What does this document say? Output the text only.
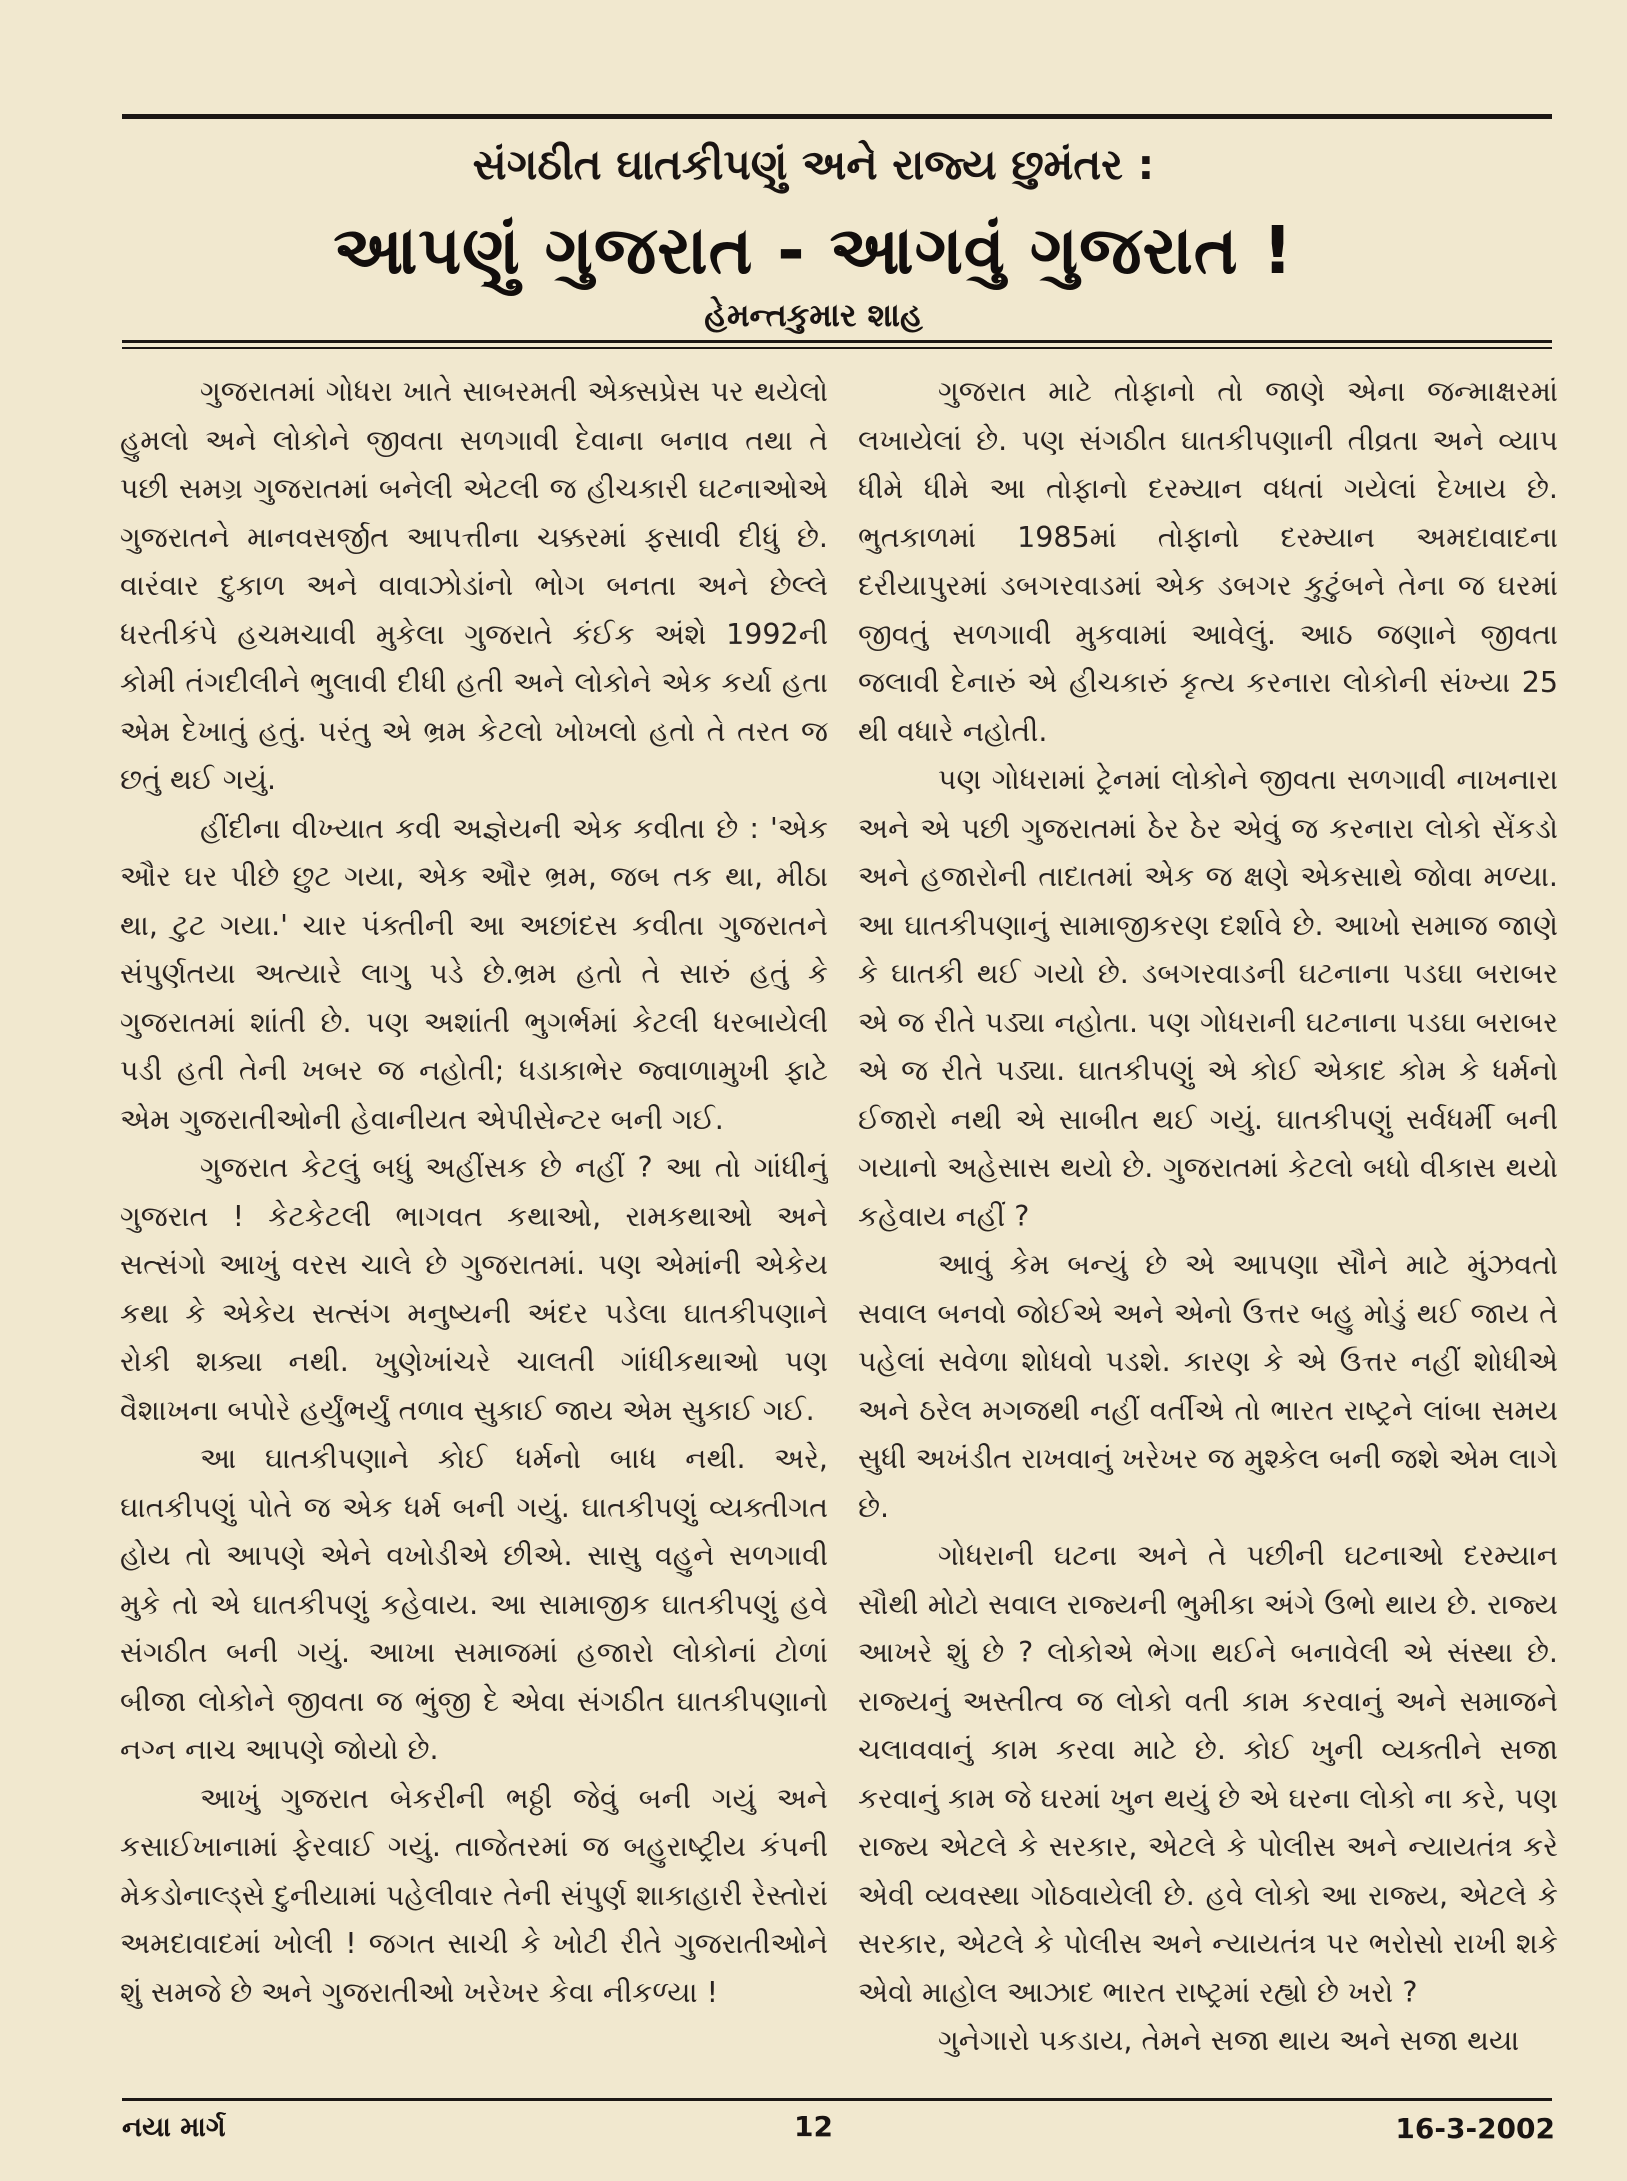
સંગઠીત ઘાતકીપણું અને રાજ્ય છુમંતર :
આપણું ગુજરાત - આગવું ગુજરાત !
હેમન્તકુમાર શાહ

ગુજરાતમાં ગોધરા ખાતે સાબરમતી એક્સપ્રેસ પર થયેલો હુમલો અને લોકોને જીવતા સળગાવી દેવાના બનાવ તથા તે પછી સમગ્ર ગુજરાતમાં બનેલી એટલી જ હીચકારી ઘટનાઓએ ગુજરાતને માનવસર્જીત આપત્તીના ચક્કરમાં ફસાવી દીધું છે. વારંવાર દુકાળ અને વાવાઝોડાંનો ભોગ બનતા અને છેલ્લે ધરતીકંપે હચમચાવી મુકેલા ગુજરાતે કંઈક અંશે 1992ની કોમી તંગદીલીને ભુલાવી દીધી હતી અને લોકોને એક કર્યા હતા એમ દેખાતું હતું. પરંતુ એ ભ્રમ કેટલો ખોખલો હતો તે તરત જ છતું થઈ ગયું.

હીંદીના વીખ્યાત કવી અજ્ઞેયની એક કવીતા છે : 'એક ઔર ઘર પીછે છુટ ગયા, એક ઔર ભ્રમ, જબ તક થા, મીઠા થા, ટુટ ગયા.' ચાર પંક્તીની આ અછાંદસ કવીતા ગુજરાતને સંપુર્ણતયા અત્યારે લાગુ પડે છે.ભ્રમ હતો તે સારું હતું કે ગુજરાતમાં શાંતી છે. પણ અશાંતી ભુગર્ભમાં કેટલી ધરબાયેલી પડી હતી તેની ખબર જ નહોતી; ધડાકાભેર જ્વાળામુખી ફાટે એમ ગુજરાતીઓની હેવાનીયત એપીસેન્ટર બની ગઈ.

ગુજરાત કેટલું બધું અહીંસક છે નહીં ? આ તો ગાંધીનું ગુજરાત ! કેટકેટલી ભાગવત કથાઓ, રામકથાઓ અને સત્સંગો આખું વરસ ચાલે છે ગુજરાતમાં. પણ એમાંની એકેય કથા કે એકેય સત્સંગ મનુષ્યની અંદર પડેલા ઘાતકીપણાને રોકી શક્યા નથી. ખુણેખાંચરે ચાલતી ગાંધીકથાઓ પણ વૈશાખના બપોરે હર્યુંભર્યું તળાવ સુકાઈ જાય એમ સુકાઈ ગઈ.

આ ઘાતકીપણાને કોઈ ધર્મનો બાધ નથી. અરે, ઘાતકીપણું પોતે જ એક ધર્મ બની ગયું. ઘાતકીપણું વ્યક્તીગત હોય તો આપણે એને વખોડીએ છીએ. સાસુ વહુને સળગાવી મુકે તો એ ઘાતકીપણું કહેવાય. આ સામાજીક ઘાતકીપણું હવે સંગઠીત બની ગયું. આખા સમાજમાં હજારો લોકોનાં ટોળાં બીજા લોકોને જીવતા જ ભુંજી દે એવા સંગઠીત ઘાતકીપણાનો નગ્ન નાચ આપણે જોયો છે.

આખું ગુજરાત બેકરીની ભઠ્ઠી જેવું બની ગયું અને કસાઈખાનામાં ફેરવાઈ ગયું. તાજેતરમાં જ બહુરાષ્ટ્રીય કંપની મેકડોનાલ્ડ્સે દુનીયામાં પહેલીવાર તેની સંપુર્ણ શાકાહારી રેસ્તોરાં અમદાવાદમાં ખોલી ! જગત સાચી કે ખોટી રીતે ગુજરાતીઓને શું સમજે છે અને ગુજરાતીઓ ખરેખર કેવા નીકળ્યા !

ગુજરાત માટે તોફાનો તો જાણે એના જન્માક્ષરમાં લખાયેલાં છે. પણ સંગઠીત ઘાતકીપણાની તીવ્રતા અને વ્યાપ ધીમે ધીમે આ તોફાનો દરમ્યાન વધતાં ગયેલાં દેખાય છે. ભુતકાળમાં 1985માં તોફાનો દરમ્યાન અમદાવાદના દરીયાપુરમાં ડબગરવાડમાં એક ડબગર કુટુંબને તેના જ ઘરમાં જીવતું સળગાવી મુકવામાં આવેલું. આઠ જણાને જીવતા જલાવી દેનારું એ હીચકારું કૃત્ય કરનારા લોકોની સંખ્યા 25 થી વધારે નહોતી.

પણ ગોધરામાં ટ્રેનમાં લોકોને જીવતા સળગાવી નાખનારા અને એ પછી ગુજરાતમાં ઠેર ઠેર એવું જ કરનારા લોકો સેંકડો અને હજારોની તાદાતમાં એક જ ક્ષણે એકસાથે જોવા મળ્યા. આ ઘાતકીપણાનું સામાજીકરણ દર્શાવે છે. આખો સમાજ જાણે કે ઘાતકી થઈ ગયો છે. ડબગરવાડની ઘટનાના પડઘા બરાબર એ જ રીતે પડ્યા નહોતા. પણ ગોધરાની ઘટનાના પડઘા બરાબર એ જ રીતે પડ્યા. ઘાતકીપણું એ કોઈ એકાદ કોમ કે ધર્મનો ઈજારો નથી એ સાબીત થઈ ગયું. ઘાતકીપણું સર્વધર્મી બની ગયાનો અહેસાસ થયો છે. ગુજરાતમાં કેટલો બધો વીકાસ થયો કહેવાય નહીં ?

આવું કેમ બન્યું છે એ આપણા સૌને માટે મુંઝવતો સવાલ બનવો જોઈએ અને એનો ઉત્તર બહુ મોડું થઈ જાય તે પહેલાં સવેળા શોધવો પડશે. કારણ કે એ ઉત્તર નહીં શોધીએ અને ઠરેલ મગજથી નહીં વર્તીએ તો ભારત રાષ્ટ્રને લાંબા સમય સુધી અખંડીત રાખવાનું ખરેખર જ મુશ્કેલ બની જશે એમ લાગે છે.

ગોધરાની ઘટના અને તે પછીની ઘટનાઓ દરમ્યાન સૌથી મોટો સવાલ રાજ્યની ભુમીકા અંગે ઉભો થાય છે. રાજ્ય આખરે શું છે ? લોકોએ ભેગા થઈને બનાવેલી એ સંસ્થા છે. રાજ્યનું અસ્તીત્વ જ લોકો વતી કામ કરવાનું અને સમાજને ચલાવવાનું કામ કરવા માટે છે. કોઈ ખુની વ્યક્તીને સજા કરવાનું કામ જે ઘરમાં ખુન થયું છે એ ઘરના લોકો ના કરે, પણ રાજ્ય એટલે કે સરકાર, એટલે કે પોલીસ અને ન્યાયતંત્ર કરે એવી વ્યવસ્થા ગોઠવાયેલી છે. હવે લોકો આ રાજ્ય, એટલે કે સરકાર, એટલે કે પોલીસ અને ન્યાયતંત્ર પર ભરોસો રાખી શકે એવો માહોલ આઝાદ ભારત રાષ્ટ્રમાં રહ્યો છે ખરો ?

ગુનેગારો પકડાય, તેમને સજા થાય અને સજા થયા

નયા માર્ગ	12	16-3-2002
